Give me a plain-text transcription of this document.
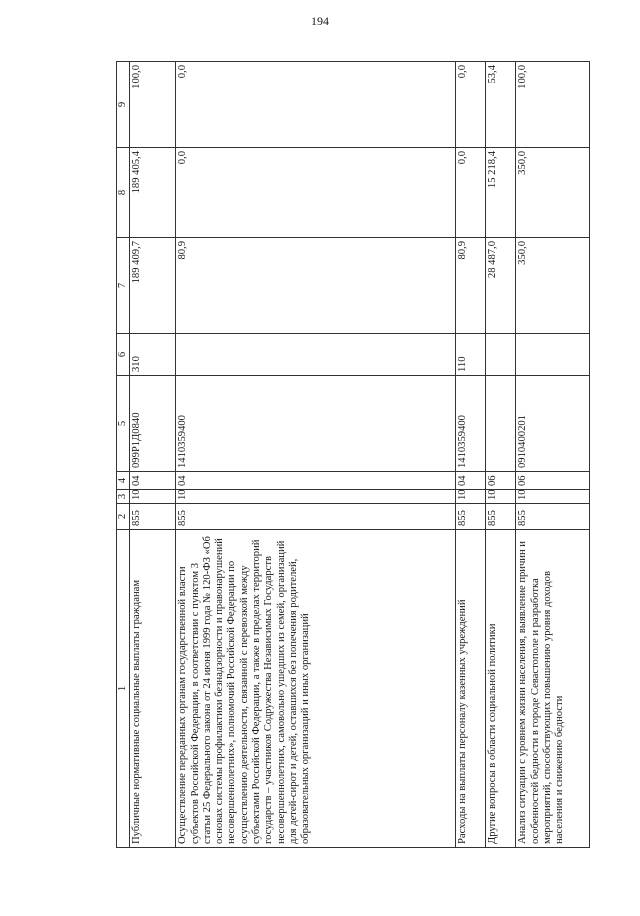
194
1	2	3	4	5	6	7	8	9
Публичные нормативные социальные выплаты гражданам	855	10	04	099Р1Д0840	310	189 409,7	189 405,4	100,0
Осуществление переданных органам государственной власти субъектов Российской Федерации, в соответствии с пунктом 3 статьи 25 Федерального закона от 24 июня 1999 года № 120-ФЗ «Об основах системы профилактики безнадзорности и правонарушений несовершеннолетних», полномочий Российской Федерации по осуществлению деятельности, связанной с перевозкой между субъектами Российской Федерации, а также в пределах территорий государств – участников Содружества Независимых Государств несовершеннолетних, самовольно ушедших из семей, организаций для детей-сирот и детей, оставшихся без попечения родителей, образовательных организаций и иных организаций	855	10	04	1410359400		80,9	0,0	0,0
Расходы на выплаты персоналу казенных учреждений	855	10	04	1410359400	110	80,9	0,0	0,0
Другие вопросы в области социальной политики	855	10	06			28 487,0	15 218,4	53,4
Анализ ситуации с уровнем жизни населения, выявление причин и особенностей бедности в городе Севастополе и разработка мероприятий, способствующих повышению уровня доходов населения и снижению бедности	855	10	06	0910400201		350,0	350,0	100,0
